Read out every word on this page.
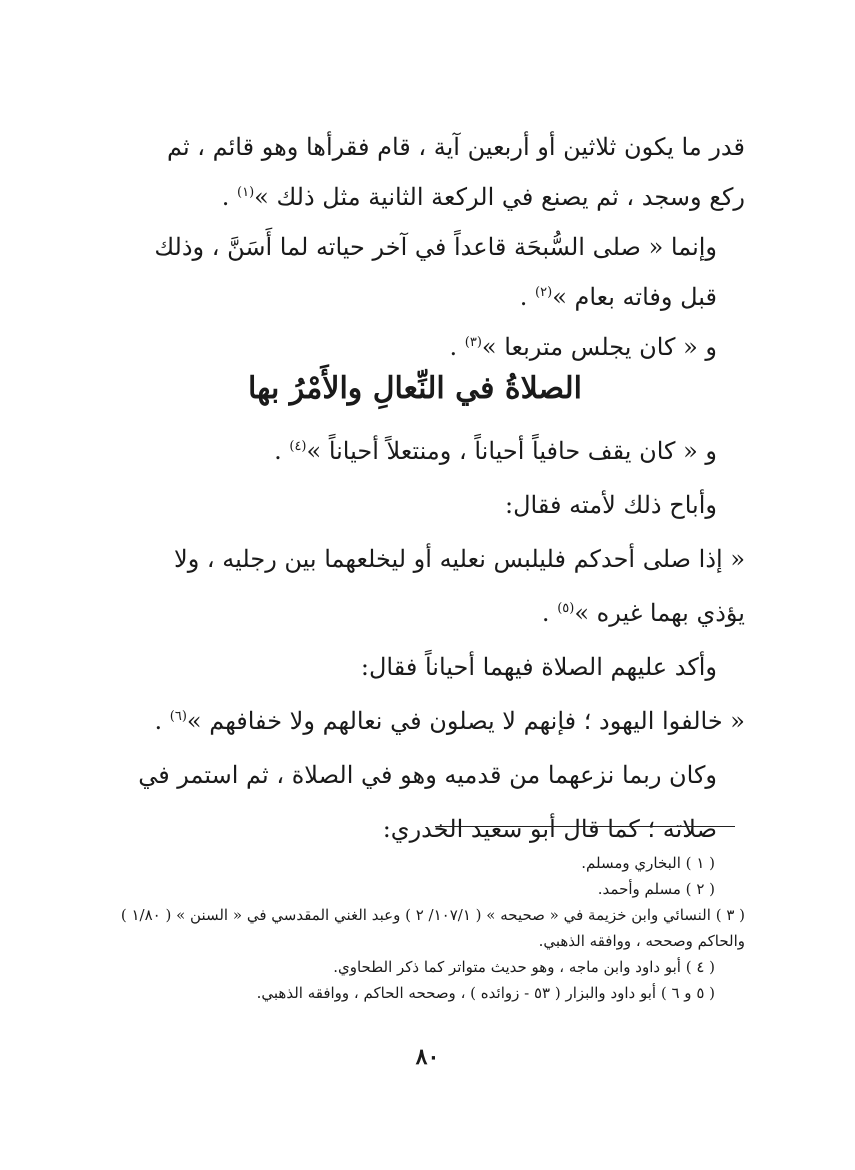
قدر ما يكون ثلاثين أو أربعين آية ، قام فقرأها وهو قائم ، ثم ركع وسجد ، ثم يصنع في الركعة الثانية مثل ذلك »$^{(١)}$ .

وإنما « صلى السُّبحَة قاعداً في آخر حياته لما أَسَنَّ ، وذلك قبل وفاته بعام »$^{(٢)}$ .

و « كان يجلس متربعا »$^{(٣)}$ .

الصلاةُ في النِّعالِ والأَمْرُ بها

و « كان يقف حافياً أحياناً ، ومنتعلاً أحياناً »$^{(٤)}$ .

وأباح ذلك لأمته فقال:

« إذا صلى أحدكم فليلبس نعليه أو ليخلعهما بين رجليه ، ولا يؤذي بهما غيره »$^{(٥)}$ .

وأكد عليهم الصلاة فيهما أحياناً فقال:

« خالفوا اليهود ؛ فإنهم لا يصلون في نعالهم ولا خفافهم »$^{(٦)}$ .

وكان ربما نزعهما من قدميه وهو في الصلاة ، ثم استمر في صلاته ؛ كما قال أبو سعيد الخدري:

( ١ ) البخاري ومسلم.

( ٢ ) مسلم وأحمد.

( ٣ ) النسائي وابن خزيمة في « صحيحه » ( ١٠٧/١/ ٢ ) وعبد الغني المقدسي في « السنن » ( ١/٨٠ ) والحاكم وصححه ، ووافقه الذهبي.

( ٤ ) أبو داود وابن ماجه ، وهو حديث متواتر كما ذكر الطحاوي.

( ٥ و ٦ ) أبو داود والبزار ( ٥٣ - زوائده ) ، وصححه الحاكم ، ووافقه الذهبي.

٨٠
